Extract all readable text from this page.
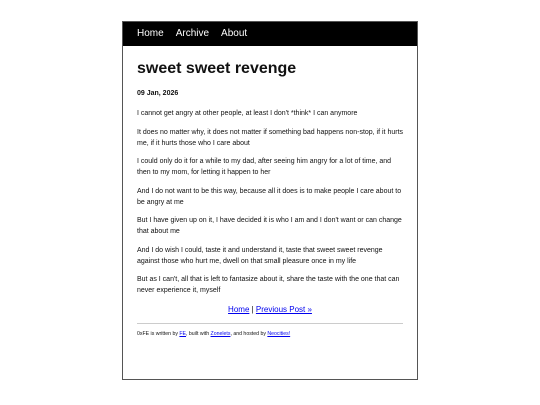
Home Archive About
sweet sweet revenge
09 Jan, 2026

I cannot get angry at other people, at least I don't *think* I can anymore

It does no matter why, it does not matter if something bad happens non-stop, if it hurts me, if it hurts those who I care about

I could only do it for a while to my dad, after seeing him angry for a lot of time, and then to my mom, for letting it happen to her

And I do not want to be this way, because all it does is to make people I care about to be angry at me

But I have given up on it, I have decided it is who I am and I don't want or can change that about me

And I do wish I could, taste it and understand it, taste that sweet sweet revenge against those who hurt me, dwell on that small pleasure once in my life

But as I can't, all that is left to fantasize about it, share the taste with the one that can never experience it, myself

Home | Previous Post »
0xFE is written by FE, built with Zonelets, and hosted by Neocities!
